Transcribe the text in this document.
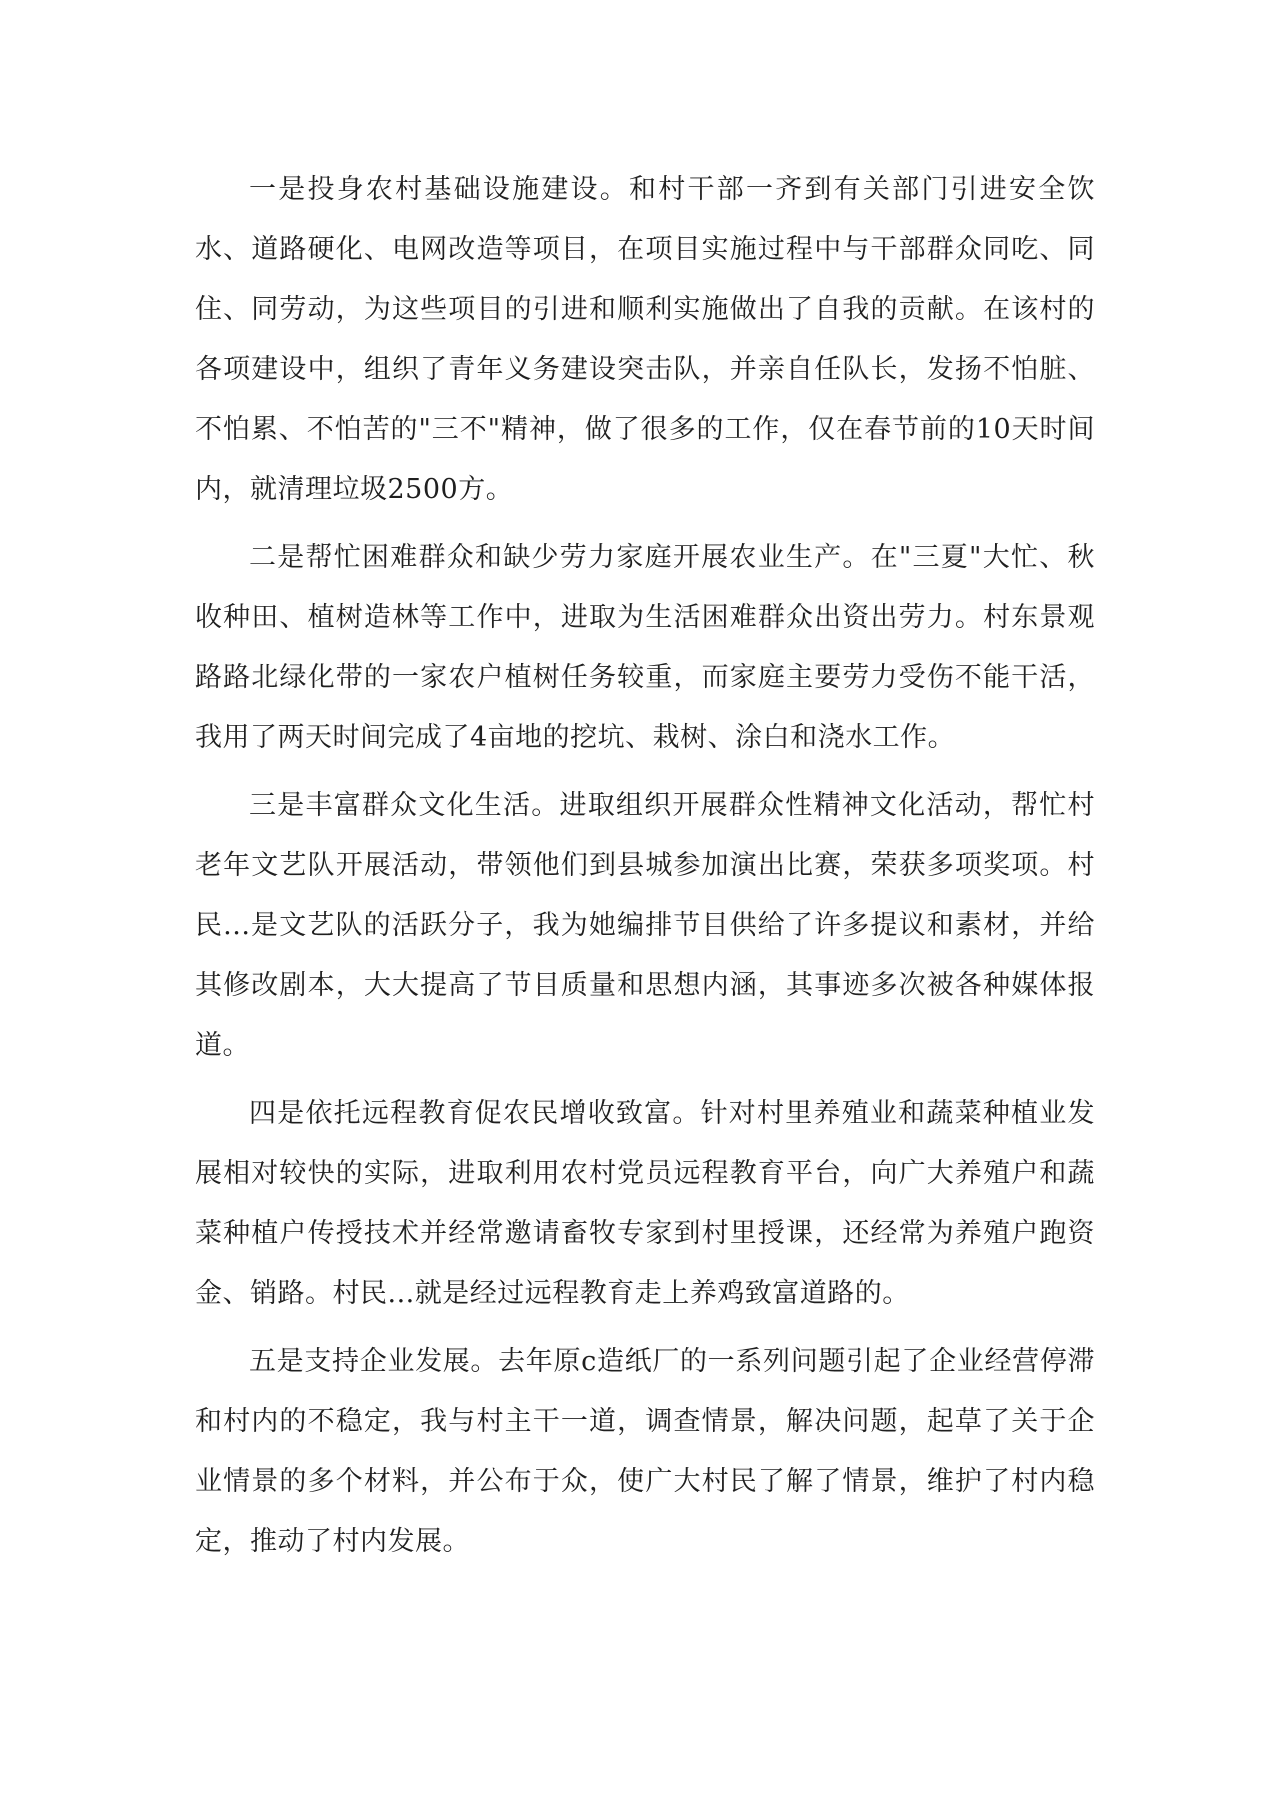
一是投身农村基础设施建设。和村干部一齐到有关部门引进安全饮水、道路硬化、电网改造等项目，在项目实施过程中与干部群众同吃、同住、同劳动，为这些项目的引进和顺利实施做出了自我的贡献。在该村的各项建设中，组织了青年义务建设突击队，并亲自任队长，发扬不怕脏、不怕累、不怕苦的"三不"精神，做了很多的工作，仅在春节前的10天时间内，就清理垃圾2500方。

二是帮忙困难群众和缺少劳力家庭开展农业生产。在"三夏"大忙、秋收种田、植树造林等工作中，进取为生活困难群众出资出劳力。村东景观路路北绿化带的一家农户植树任务较重，而家庭主要劳力受伤不能干活，我用了两天时间完成了4亩地的挖坑、栽树、涂白和浇水工作。

三是丰富群众文化生活。进取组织开展群众性精神文化活动，帮忙村老年文艺队开展活动，带领他们到县城参加演出比赛，荣获多项奖项。村民...是文艺队的活跃分子，我为她编排节目供给了许多提议和素材，并给其修改剧本，大大提高了节目质量和思想内涵，其事迹多次被各种媒体报道。

四是依托远程教育促农民增收致富。针对村里养殖业和蔬菜种植业发展相对较快的实际，进取利用农村党员远程教育平台，向广大养殖户和蔬菜种植户传授技术并经常邀请畜牧专家到村里授课，还经常为养殖户跑资金、销路。村民...就是经过远程教育走上养鸡致富道路的。

五是支持企业发展。去年原c造纸厂的一系列问题引起了企业经营停滞和村内的不稳定，我与村主干一道，调查情景，解决问题，起草了关于企业情景的多个材料，并公布于众，使广大村民了解了情景，维护了村内稳定，推动了村内发展。
